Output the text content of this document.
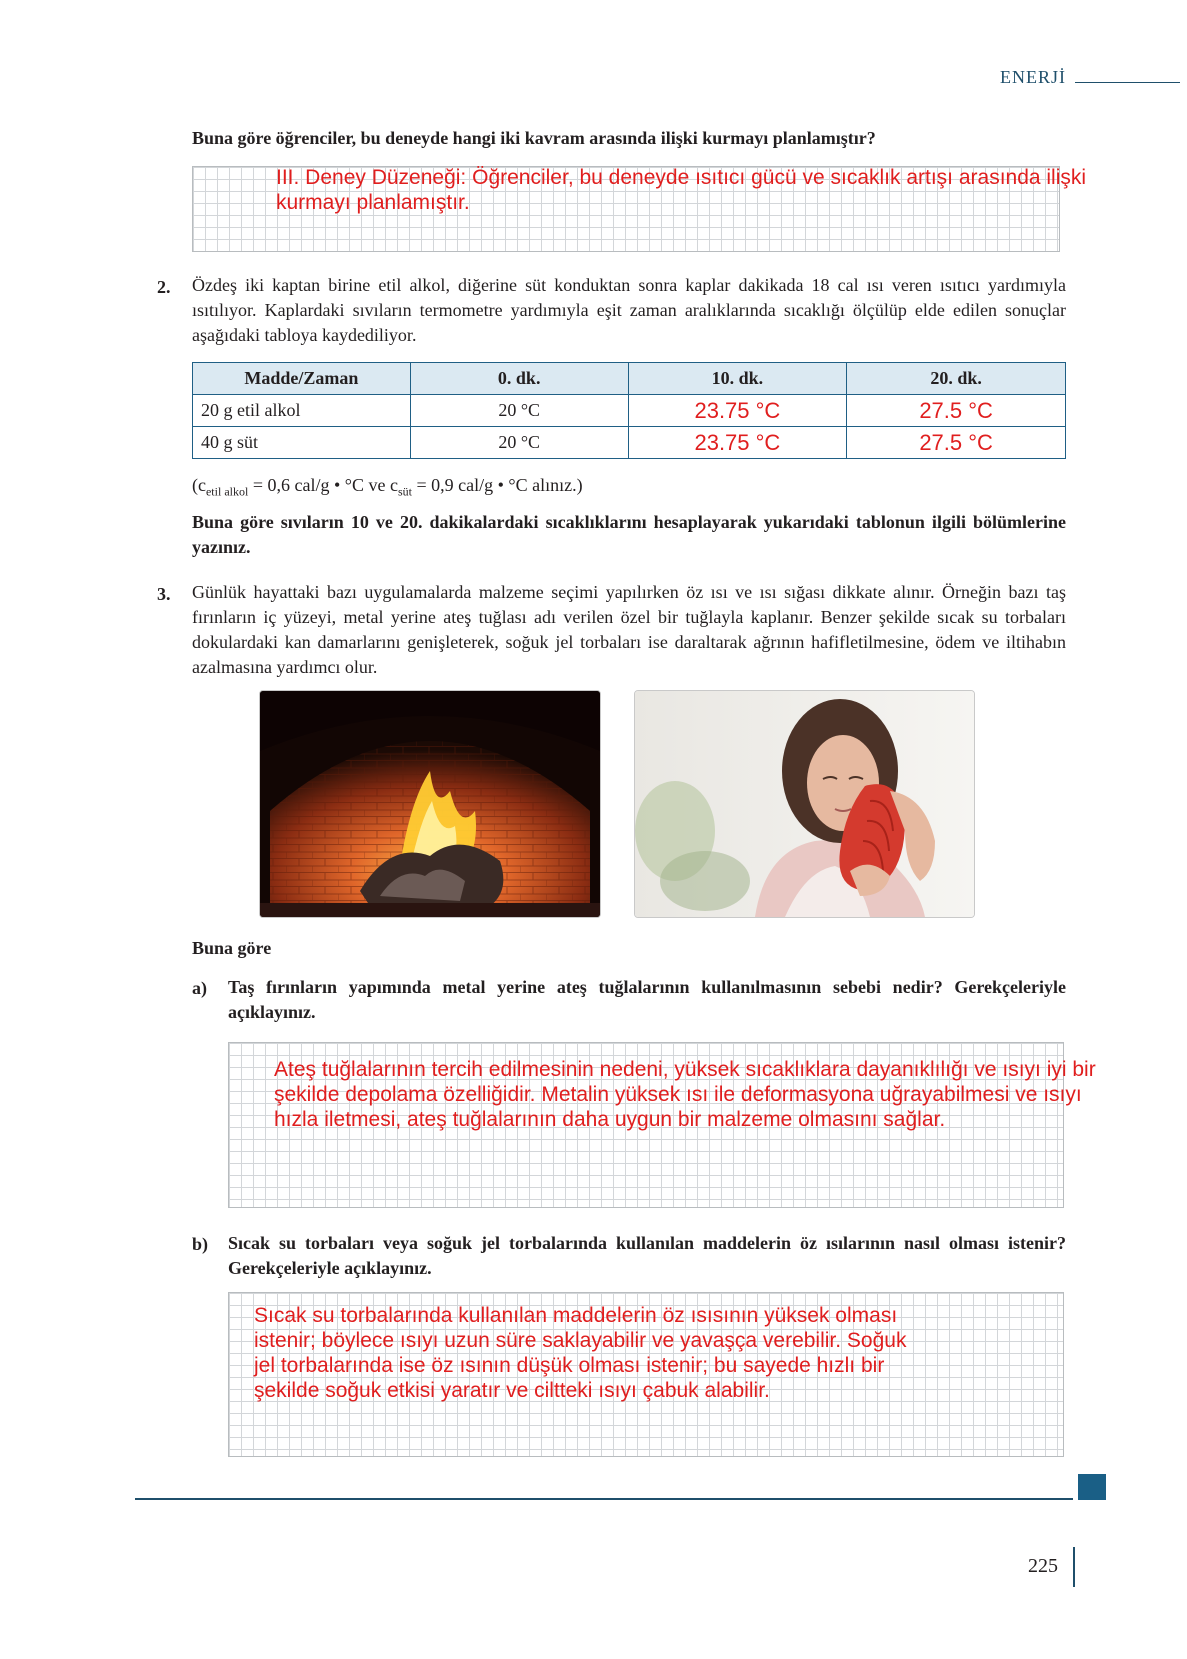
ENERJİ
Buna göre öğrenciler, bu deneyde hangi iki kavram arasında ilişki kurmayı planlamıştır?
III. Deney Düzeneği: Öğrenciler, bu deneyde ısıtıcı gücü ve sıcaklık artışı arasında ilişki
kurmayı planlamıştır.
2. Özdeş iki kaptan birine etil alkol, diğerine süt konduktan sonra kaplar dakikada 18 cal ısı veren ısıtıcı yardımıyla ısıtılıyor. Kaplardaki sıvıların termometre yardımıyla eşit zaman aralıklarında sıcaklığı ölçülüp elde edilen sonuçlar aşağıdaki tabloya kaydediliyor.
Madde/Zaman	0. dk.	10. dk.	20. dk.
20 g etil alkol	20 °C	23.75 °C	27.5 °C
40 g süt	20 °C	23.75 °C	27.5 °C
($c_{etil alkol} = 0,6$ cal/g • °C ve $c_{süt} = 0,9$ cal/g • °C alınız.)
Buna göre sıvıların 10 ve 20. dakikalardaki sıcaklıklarını hesaplayarak yukarıdaki tablonun ilgili bölümlerine yazınız.
3. Günlük hayattaki bazı uygulamalarda malzeme seçimi yapılırken öz ısı ve ısı sığası dikkate alınır. Örneğin bazı taş fırınların iç yüzeyi, metal yerine ateş tuğlası adı verilen özel bir tuğlayla kaplanır. Benzer şekilde sıcak su torbaları dokulardaki kan damarlarını genişleterek, soğuk jel torbaları ise daraltarak ağrının hafifletilmesine, ödem ve iltihabın azalmasına yardımcı olur.
Buna göre
a) Taş fırınların yapımında metal yerine ateş tuğlalarının kullanılmasının sebebi nedir? Gerekçeleriyle açıklayınız.
Ateş tuğlalarının tercih edilmesinin nedeni, yüksek sıcaklıklara dayanıklılığı ve ısıyı iyi bir
şekilde depolama özelliğidir. Metalin yüksek ısı ile deformasyona uğrayabilmesi ve ısıyı
hızla iletmesi, ateş tuğlalarının daha uygun bir malzeme olmasını sağlar.
b) Sıcak su torbaları veya soğuk jel torbalarında kullanılan maddelerin öz ısılarının nasıl olması istenir? Gerekçeleriyle açıklayınız.
Sıcak su torbalarında kullanılan maddelerin öz ısısının yüksek olması
istenir; böylece ısıyı uzun süre saklayabilir ve yavaşça verebilir. Soğuk
jel torbalarında ise öz ısının düşük olması istenir; bu sayede hızlı bir
şekilde soğuk etkisi yaratır ve ciltteki ısıyı çabuk alabilir.
225
